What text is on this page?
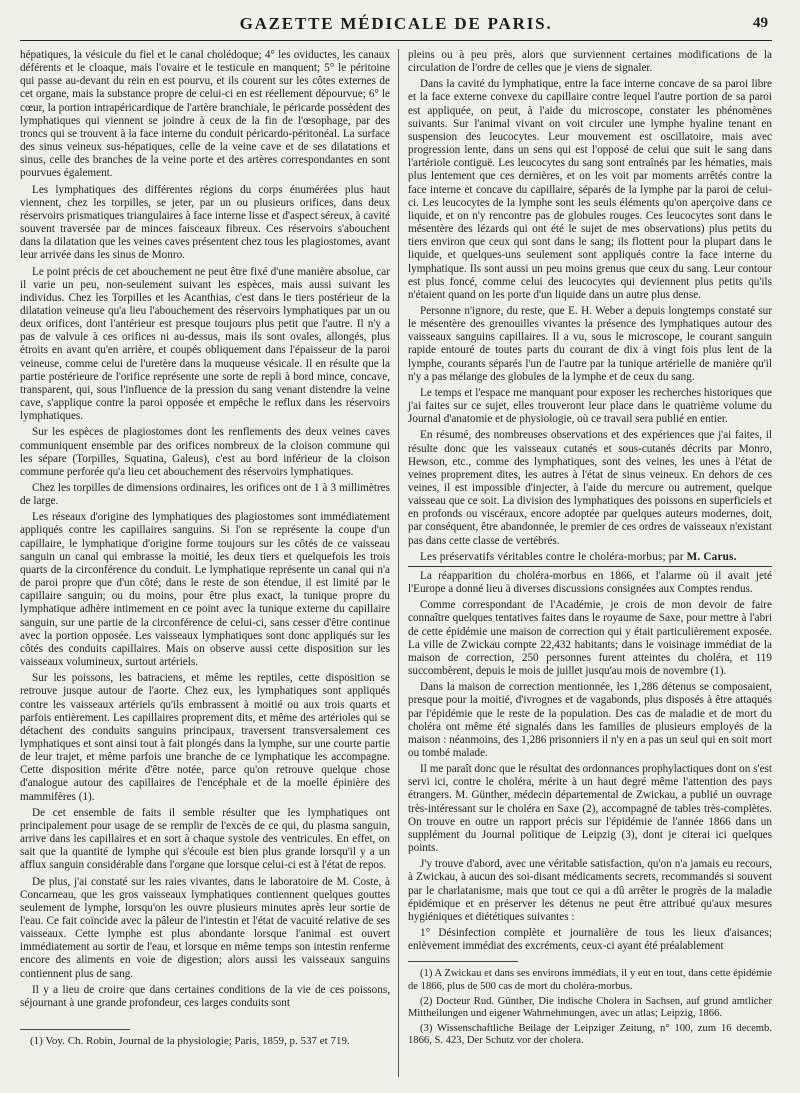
GAZETTE MÉDICALE DE PARIS.	49

hépatiques, la vésicule du fiel et le canal cholédoque; 4° les oviductes, les canaux déférents et le cloaque, mais l'ovaire et le testicule en manquent; 5° le péritoine qui passe au-devant du rein en est pourvu, et ils courent sur les côtes externes de cet organe, mais la substance propre de celui-ci en est réellement dépourvue; 6° le cœur, la portion intrapéricardique de l'artère branchiale, le péricarde possèdent des lymphatiques qui viennent se joindre à ceux de la fin de l'œsophage, par des troncs qui se trouvent à la face interne du conduit péricardo-péritonéal. La surface des sinus veineux sus-hépatiques, celle de la veine cave et de ses dilatations et sinus, celle des branches de la veine porte et des artères correspondantes en sont pourvues également.

Les lymphatiques des différentes régions du corps énumérées plus haut viennent, chez les torpilles, se jeter, par un ou plusieurs orifices, dans deux réservoirs prismatiques triangulaires à face interne lisse et d'aspect séreux, à cavité souvent traversée par de minces faisceaux fibreux. Ces réservoirs s'abouchent dans la dilatation que les veines caves présentent chez tous les plagiostomes, avant leur arrivée dans les sinus de Monro.

Le point précis de cet abouchement ne peut être fixé d'une manière absolue, car il varie un peu, non-seulement suivant les espèces, mais aussi suivant les individus. Chez les Torpilles et les Acanthias, c'est dans le tiers postérieur de la dilatation veineuse qu'a lieu l'abouchement des réservoirs lymphatiques par un ou deux orifices, dont l'antérieur est presque toujours plus petit que l'autre. Il n'y a pas de valvule à ces orifices ni au-dessus, mais ils sont ovales, allongés, plus étroits en avant qu'en arrière, et coupés obliquement dans l'épaisseur de la paroi veineuse, comme celui de l'uretère dans la muqueuse vésicale. Il en résulte que la partie postérieure de l'orifice représente une sorte de repli à bord mince, concave, transparent, qui, sous l'influence de la pression du sang venant distendre la veine cave, s'applique contre la paroi opposée et empêche le reflux dans les réservoirs lymphatiques.

Sur les espèces de plagiostomes dont les renflements des deux veines caves communiquent ensemble par des orifices nombreux de la cloison commune qui les sépare (Torpilles, Squatina, Galeus), c'est au bord inférieur de la cloison commune perforée qu'a lieu cet abouchement des réservoirs lymphatiques.

Chez les torpilles de dimensions ordinaires, les orifices ont de 1 à 3 millimètres de large.

Les réseaux d'origine des lymphatiques des plagiostomes sont immédiatement appliqués contre les capillaires sanguins. Si l'on se représente la coupe d'un capillaire, le lymphatique d'origine forme toujours sur les côtés de ce vaisseau sanguin un canal qui embrasse la moitié, les deux tiers et quelquefois les trois quarts de la circonférence du conduit. Le lymphatique représente un canal qui n'a de paroi propre que d'un côté; dans le reste de son étendue, il est limité par le capillaire sanguin; ou du moins, pour être plus exact, la tunique propre du lymphatique adhère intimement en ce point avec la tunique externe du capillaire sanguin, sur une partie de la circonférence de celui-ci, sans cesser d'être continue avec la portion opposée. Les vaisseaux lymphatiques sont donc appliqués sur les côtés des conduits capillaires. Mais on observe aussi cette disposition sur les vaisseaux volumineux, surtout artériels.

Sur les poissons, les batraciens, et même les reptiles, cette disposition se retrouve jusque autour de l'aorte. Chez eux, les lymphatiques sont appliqués contre les vaisseaux artériels qu'ils embrassent à moitié ou aux trois quarts et parfois entièrement. Les capillaires proprement dits, et même des artérioles qui se détachent des conduits sanguins principaux, traversent transversalement ces lymphatiques et sont ainsi tout à fait plongés dans la lymphe, sur une courte partie de leur trajet, et même parfois une branche de ce lymphatique les accompagne. Cette disposition mérite d'être notée, parce qu'on retrouve quelque chose d'analogue autour des capillaires de l'encéphale et de la moelle épinière des mammifères (1).

De cet ensemble de faits il semble résulter que les lymphatiques ont principalement pour usage de se remplir de l'excès de ce qui, du plasma sanguin, arrive dans les capillaires et en sort à chaque systole des ventricules. En effet, on sait que la quantité de lymphe qui s'écoule est bien plus grande lorsqu'il y a un afflux sanguin considérable dans l'organe que lorsque celui-ci est à l'état de repos.

De plus, j'ai constaté sur les raies vivantes, dans le laboratoire de M. Coste, à Concarneau, que les gros vaisseaux lymphatiques contiennent quelques gouttes seulement de lymphe, lorsqu'on les ouvre plusieurs minutes après leur sortie de l'eau. Ce fait coïncide avec la pâleur de l'intestin et l'état de vacuité relative de ses vaisseaux. Cette lymphe est plus abondante lorsque l'animal est ouvert immédiatement au sortir de l'eau, et lorsque en même temps son intestin renferme encore des aliments en voie de digestion; alors aussi les vaisseaux sanguins contiennent plus de sang.

Il y a lieu de croire que dans certaines conditions de la vie de ces poissons, séjournant à une grande profondeur, ces larges conduits sont

(1) Voy. Ch. Robin, Journal de la physiologie; Paris, 1859, p. 537 et 719.

pleins ou à peu près, alors que surviennent certaines modifications de la circulation de l'ordre de celles que je viens de signaler.

Dans la cavité du lymphatique, entre la face interne concave de sa paroi libre et la face externe convexe du capillaire contre lequel l'autre portion de sa paroi est appliquée, on peut, à l'aide du microscope, constater les phénomènes suivants. Sur l'animal vivant on voit circuler une lymphe hyaline tenant en suspension des leucocytes. Leur mouvement est oscillatoire, mais avec progression lente, dans un sens qui est l'opposé de celui que suit le sang dans l'artériole contiguë. Les leucocytes du sang sont entraînés par les hématies, mais plus lentement que ces dernières, et on les voit par moments arrêtés contre la face interne et concave du capillaire, séparés de la lymphe par la paroi de celui-ci. Les leucocytes de la lymphe sont les seuls éléments qu'on aperçoive dans ce liquide, et on n'y rencontre pas de globules rouges. Ces leucocytes sont dans le mésentère des lézards qui ont été le sujet de mes observations) plus petits du tiers environ que ceux qui sont dans le sang; ils flottent pour la plupart dans le liquide, et quelques-uns seulement sont appliqués contre la face interne du lymphatique. Ils sont aussi un peu moins grenus que ceux du sang. Leur contour est plus foncé, comme celui des leucocytes qui deviennent plus petits qu'ils n'étaient quand on les porte d'un liquide dans un autre plus dense.

Personne n'ignore, du reste, que E. H. Weber a depuis longtemps constaté sur le mésentère des grenouilles vivantes la présence des lymphatiques autour des vaisseaux sanguins capillaires. Il a vu, sous le microscope, le courant sanguin rapide entouré de toutes parts du courant de dix à vingt fois plus lent de la lymphe, courants séparés l'un de l'autre par la tunique artérielle de manière qu'il n'y a pas mélange des globules de la lymphe et de ceux du sang.

Le temps et l'espace me manquant pour exposer les recherches historiques que j'ai faites sur ce sujet, elles trouveront leur place dans le quatrième volume du Journal d'anatomie et de physiologie, où ce travail sera publié en entier.

En résumé, des nombreuses observations et des expériences que j'ai faites, il résulte donc que les vaisseaux cutanés et sous-cutanés décrits par Monro, Hewson, etc., comme des lymphatiques, sont des veines, les unes à l'état de veines proprement dites, les autres à l'état de sinus veineux. En dehors de ces veines, il est impossible d'injecter, à l'aide du mercure ou autrement, quelque vaisseau que ce soit. La division des lymphatiques des poissons en superficiels et en profonds ou viscéraux, encore adoptée par quelques auteurs modernes, doit, par conséquent, être abandonnée, le premier de ces ordres de vaisseaux n'existant pas dans cette classe de vertébrés.

Les préservatifs véritables contre le choléra-morbus; par M. Carus.

La réapparition du choléra-morbus en 1866, et l'alarme où il avait jeté l'Europe a donné lieu à diverses discussions consignées aux Comptes rendus.

Comme correspondant de l'Académie, je crois de mon devoir de faire connaître quelques tentatives faites dans le royaume de Saxe, pour mettre à l'abri de cette épidémie une maison de correction qui y était particulièrement exposée. La ville de Zwickau compte 22,432 habitants; dans le voisinage immédiat de la maison de correction, 250 personnes furent atteintes du choléra, et 119 succombèrent, depuis le mois de juillet jusqu'au mois de novembre (1).

Dans la maison de correction mentionnée, les 1,286 détenus se composaient, presque pour la moitié, d'ivrognes et de vagabonds, plus disposés à être attaqués par l'épidémie que le reste de la population. Des cas de maladie et de mort du choléra ont même été signalés dans les familles de plusieurs employés de la maison : néanmoins, des 1,286 prisonniers il n'y en a pas un seul qui en soit mort ou tombé malade.

Il me paraît donc que le résultat des ordonnances prophylactiques dont on s'est servi ici, contre le choléra, mérite à un haut degré même l'attention des pays étrangers. M. Günther, médecin départemental de Zwickau, a publié un ouvrage très-intéressant sur le choléra en Saxe (2), accompagné de tables très-complètes. On trouve en outre un rapport précis sur l'épidémie de l'année 1866 dans un supplément du Journal politique de Leipzig (3), dont je citerai ici quelques points.

J'y trouve d'abord, avec une véritable satisfaction, qu'on n'a jamais eu recours, à Zwickau, à aucun des soi-disant médicaments secrets, recommandés si souvent par le charlatanisme, mais que tout ce qui a dû arrêter le progrès de la maladie épidémique et en préserver les détenus ne peut être attribué qu'aux mesures hygiéniques et diététiques suivantes :

1° Désinfection complète et journalière de tous les lieux d'aisances; enlèvement immédiat des excréments, ceux-ci ayant été préalablement

(1) A Zwickau et dans ses environs immédiats, il y eut en tout, dans cette épidémie de 1866, plus de 500 cas de mort du choléra-morbus.

(2) Docteur Rud. Günther, Die indische Cholera in Sachsen, auf grund amtlicher Mittheilungen und eigener Wahrnehmungen, avec un atlas; Leipzig, 1866.

(3) Wissenschaftliche Beilage der Leipziger Zeitung, n° 100, zum 16 decemb. 1866, S. 423, Der Schutz vor der cholera.
